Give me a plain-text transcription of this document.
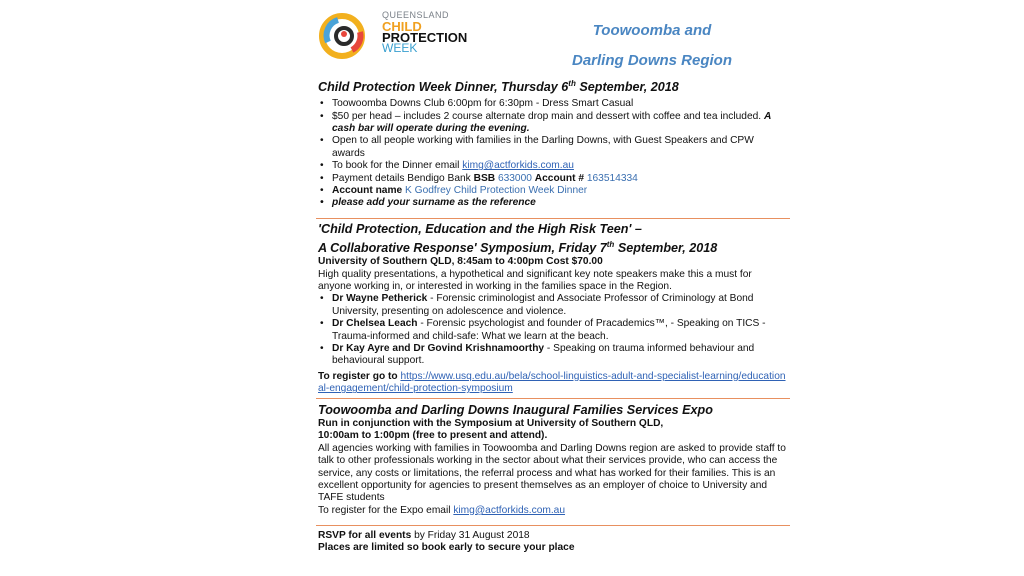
QUEENSLAND
CHILD
PROTECTION
WEEK
Toowoomba and
Darling Downs Region
Child Protection Week Dinner, Thursday 6th September, 2018
• Toowoomba Downs Club 6:00pm for 6:30pm - Dress Smart Casual
• $50 per head – includes 2 course alternate drop main and dessert with coffee and tea included. A cash bar will operate during the evening.
• Open to all people working with families in the Darling Downs, with Guest Speakers and CPW awards
• To book for the Dinner email kimg@actforkids.com.au
• Payment details Bendigo Bank BSB 633000 Account # 163514334
• Account name K Godfrey Child Protection Week Dinner
• please add your surname as the reference
'Child Protection, Education and the High Risk Teen' –
A Collaborative Response' Symposium, Friday 7th September, 2018
University of Southern QLD, 8:45am to 4:00pm Cost $70.00
High quality presentations, a hypothetical and significant key note speakers make this a must for anyone working in, or interested in working in the families space in the Region.
• Dr Wayne Petherick - Forensic criminologist and Associate Professor of Criminology at Bond University, presenting on adolescence and violence.
• Dr Chelsea Leach - Forensic psychologist and founder of Pracademics™, - Speaking on TICS - Trauma-informed and child-safe: What we learn at the beach.
• Dr Kay Ayre and Dr Govind Krishnamoorthy - Speaking on trauma informed behaviour and behavioural support.
To register go to https://www.usq.edu.au/bela/school-linguistics-adult-and-specialist-learning/educational-engagement/child-protection-symposium
Toowoomba and Darling Downs Inaugural Families Services Expo
Run in conjunction with the Symposium at University of Southern QLD,
10:00am to 1:00pm (free to present and attend).
All agencies working with families in Toowoomba and Darling Downs region are asked to provide staff to talk to other professionals working in the sector about what their services provide, who can access the service, any costs or limitations, the referral process and what has worked for their families. This is an excellent opportunity for agencies to present themselves as an employer of choice to University and TAFE students
To register for the Expo email kimg@actforkids.com.au
RSVP for all events by Friday 31 August 2018
Places are limited so book early to secure your place
